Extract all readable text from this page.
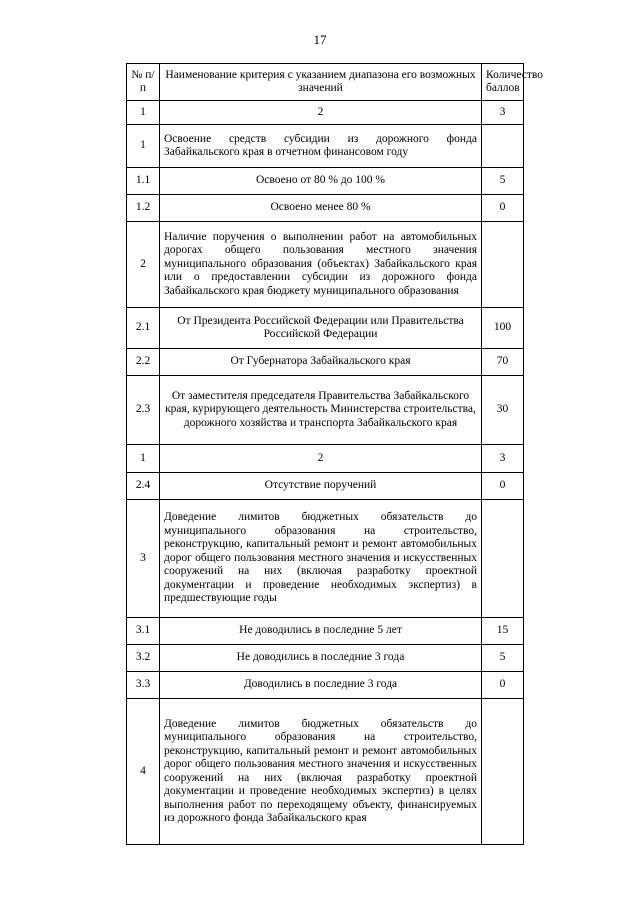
17
№ п/п	Наименование критерия с указанием диапазона его возможных значений	Количество баллов
1	2	3
1	Освоение средств субсидии из дорожного фонда Забайкальского края в отчетном финансовом году	
1.1	Освоено от 80 % до 100 %	5
1.2	Освоено менее 80 %	0
2	Наличие поручения о выполнении работ на автомобильных дорогах общего пользования местного значения муниципального образования (объектах) Забайкальского края или о предоставлении субсидии из дорожного фонда Забайкальского края бюджету муниципального образования	
2.1	От Президента Российской Федерации или Правительства Российской Федерации	100
2.2	От Губернатора Забайкальского края	70
2.3	От заместителя председателя Правительства Забайкальского края, курирующего деятельность Министерства строительства, дорожного хозяйства и транспорта Забайкальского края	30
1	2	3
2.4	Отсутствие поручений	0
3	Доведение лимитов бюджетных обязательств до муниципального образования на строительство, реконструкцию, капитальный ремонт и ремонт автомобильных дорог общего пользования местного значения и искусственных сооружений на них (включая разработку проектной документации и проведение необходимых экспертиз) в предшествующие годы	
3.1	Не доводились в последние 5 лет	15
3.2	Не доводились в последние 3 года	5
3.3	Доводились в последние 3 года	0
4	Доведение лимитов бюджетных обязательств до муниципального образования на строительство, реконструкцию, капитальный ремонт и ремонт автомобильных дорог общего пользования местного значения и искусственных сооружений на них (включая разработку проектной документации и проведение необходимых экспертиз) в целях выполнения работ по переходящему объекту, финансируемых из дорожного фонда Забайкальского края	
